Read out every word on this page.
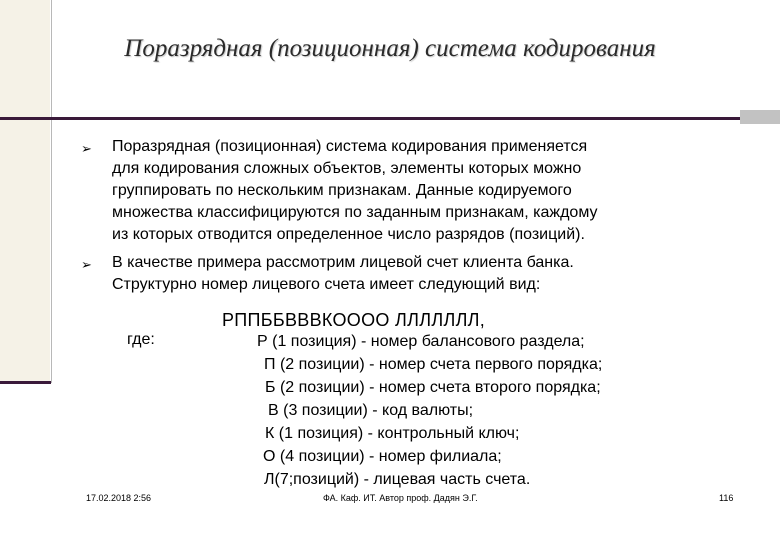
Поразрядная (позиционная) система кодирования
➢ Поразрядная (позиционная) система кодирования применяется
для кодирования сложных объектов, элементы которых можно
группировать по нескольким признакам. Данные кодируемого
множества классифицируются по заданным признакам, каждому
из которых отводится определенное число разрядов (позиций).
➢ В качестве примера рассмотрим лицевой счет клиента банка.
Структурно номер лицевого счета имеет следующий вид:
РППББВВВКОООО ЛЛЛЛЛЛЛ,
где:	Р (1 позиция) - номер балансового раздела;
П (2 позиции) - номер счета первого порядка;
Б (2 позиции) - номер счета второго порядка;
В (3 позиции) - код валюты;
К (1 позиция) - контрольный ключ;
О (4 позиции) - номер филиала;
Л(7;позиций) - лицевая часть счета.
17.02.2018 2:56	ФА. Каф. ИТ. Автор проф. Дадян Э.Г.	116
